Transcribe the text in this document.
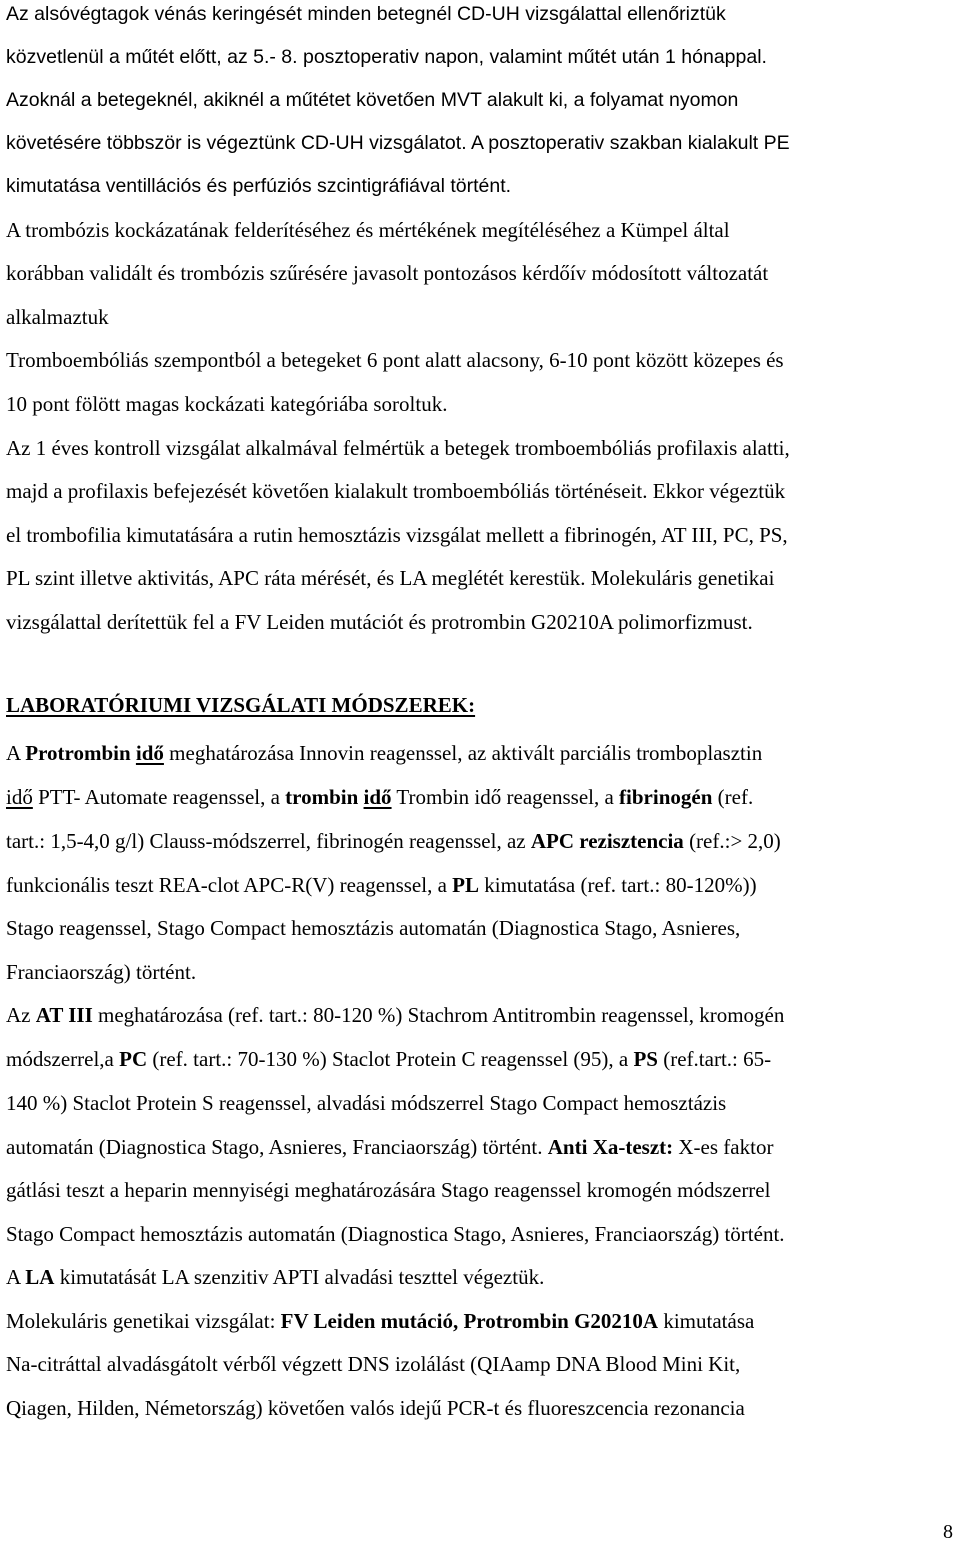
Az alsóvégtagok vénás keringését minden betegnél CD-UH vizsgálattal ellenőriztük
közvetlenül a műtét előtt, az 5.- 8. posztoperativ napon, valamint műtét után 1 hónappal.
Azoknál a betegeknél, akiknél a műtétet követően MVT alakult ki, a folyamat nyomon
követésére többször is végeztünk CD-UH vizsgálatot. A posztoperativ szakban kialakult PE
kimutatása ventillációs és perfúziós szcintigráfiával történt.
A trombózis kockázatának felderítéséhez és mértékének megítéléséhez a Kümpel által
korábban validált és trombózis szűrésére javasolt pontozásos kérdőív módosított változatát
alkalmaztuk
Tromboembóliás szempontból a betegeket 6 pont alatt alacsony, 6-10 pont között közepes és
10 pont fölött magas kockázati kategóriába soroltuk.
Az 1 éves kontroll vizsgálat alkalmával felmértük a betegek tromboembóliás profilaxis alatti,
majd a profilaxis befejezését követően kialakult tromboembóliás történéseit. Ekkor végeztük
el trombofilia kimutatására a rutin hemosztázis vizsgálat mellett a fibrinogén, AT III, PC, PS,
PL szint illetve aktivitás, APC ráta mérését, és LA meglétét kerestük. Molekuláris genetikai
vizsgálattal derítettük fel a FV Leiden mutációt és protrombin G20210A polimorfizmust.
LABORATÓRIUMI VIZSGÁLATI MÓDSZEREK:
A Protrombin idő meghatározása Innovin reagenssel, az aktivált parciális tromboplasztin
idő PTT- Automate reagenssel, a trombin idő Trombin idő reagenssel, a fibrinogén (ref.
tart.: 1,5-4,0 g/l) Clauss-módszerrel, fibrinogén reagenssel, az APC rezisztencia (ref.:> 2,0)
funkcionális teszt REA-clot APC-R(V) reagenssel, a PL kimutatása (ref. tart.: 80-120%))
Stago reagenssel, Stago Compact hemosztázis automatán (Diagnostica Stago, Asnieres,
Franciaország) történt.
Az AT III meghatározása (ref. tart.: 80-120 %) Stachrom Antitrombin reagenssel, kromogén
módszerrel,a PC (ref. tart.: 70-130 %) Staclot Protein C reagenssel (95), a PS (ref.tart.: 65-
140 %) Staclot Protein S reagenssel, alvadási módszerrel Stago Compact hemosztázis
automatán (Diagnostica Stago, Asnieres, Franciaország) történt. Anti Xa-teszt: X-es faktor
gátlási teszt a heparin mennyiségi meghatározására Stago reagenssel kromogén módszerrel
Stago Compact hemosztázis automatán (Diagnostica Stago, Asnieres, Franciaország) történt.
A LA kimutatását LA szenzitiv APTI alvadási teszttel végeztük.
Molekuláris genetikai vizsgálat: FV Leiden mutáció, Protrombin G20210A kimutatása
Na-citráttal alvadásgátolt vérből végzett DNS izolálást (QIAamp DNA Blood Mini Kit,
Qiagen, Hilden, Németország) követően valós idejű PCR-t és fluoreszcencia rezonancia
8
